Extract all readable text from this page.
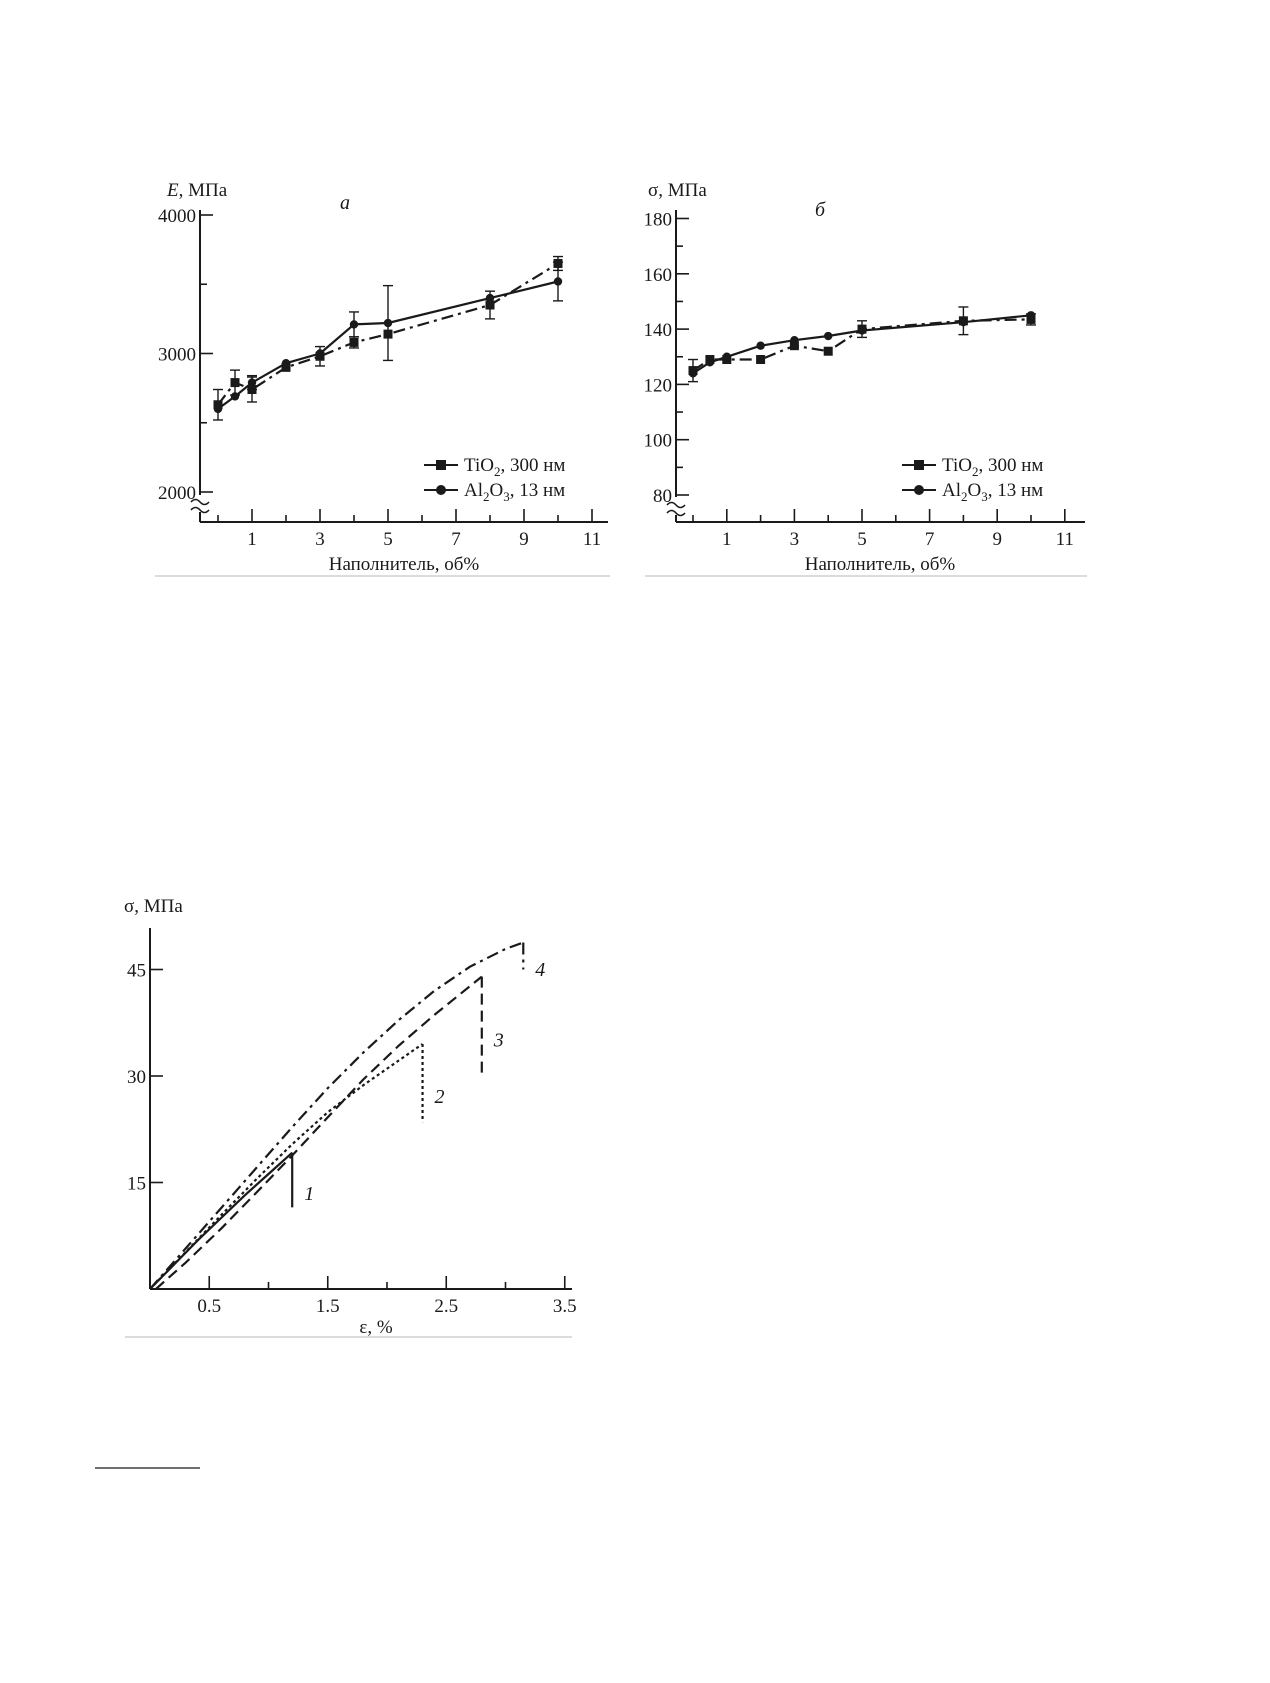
1	3	5	7	9	11
2000
3000
4000
E, МПа
а
Наполнитель, об%
TiO$_2$, 300 нм
$Al_2O_3$, 13 нм
1	3	5	7	9	11
80
100
120
140
160
180
σ, МПа
б
Наполнитель, об%
TiO$_2$, 300 нм
$Al_2O_3$, 13 нм
0.5	1.5	2.5	3.5
15
30
45
1
2
3
4
σ, МПа
ε, %
